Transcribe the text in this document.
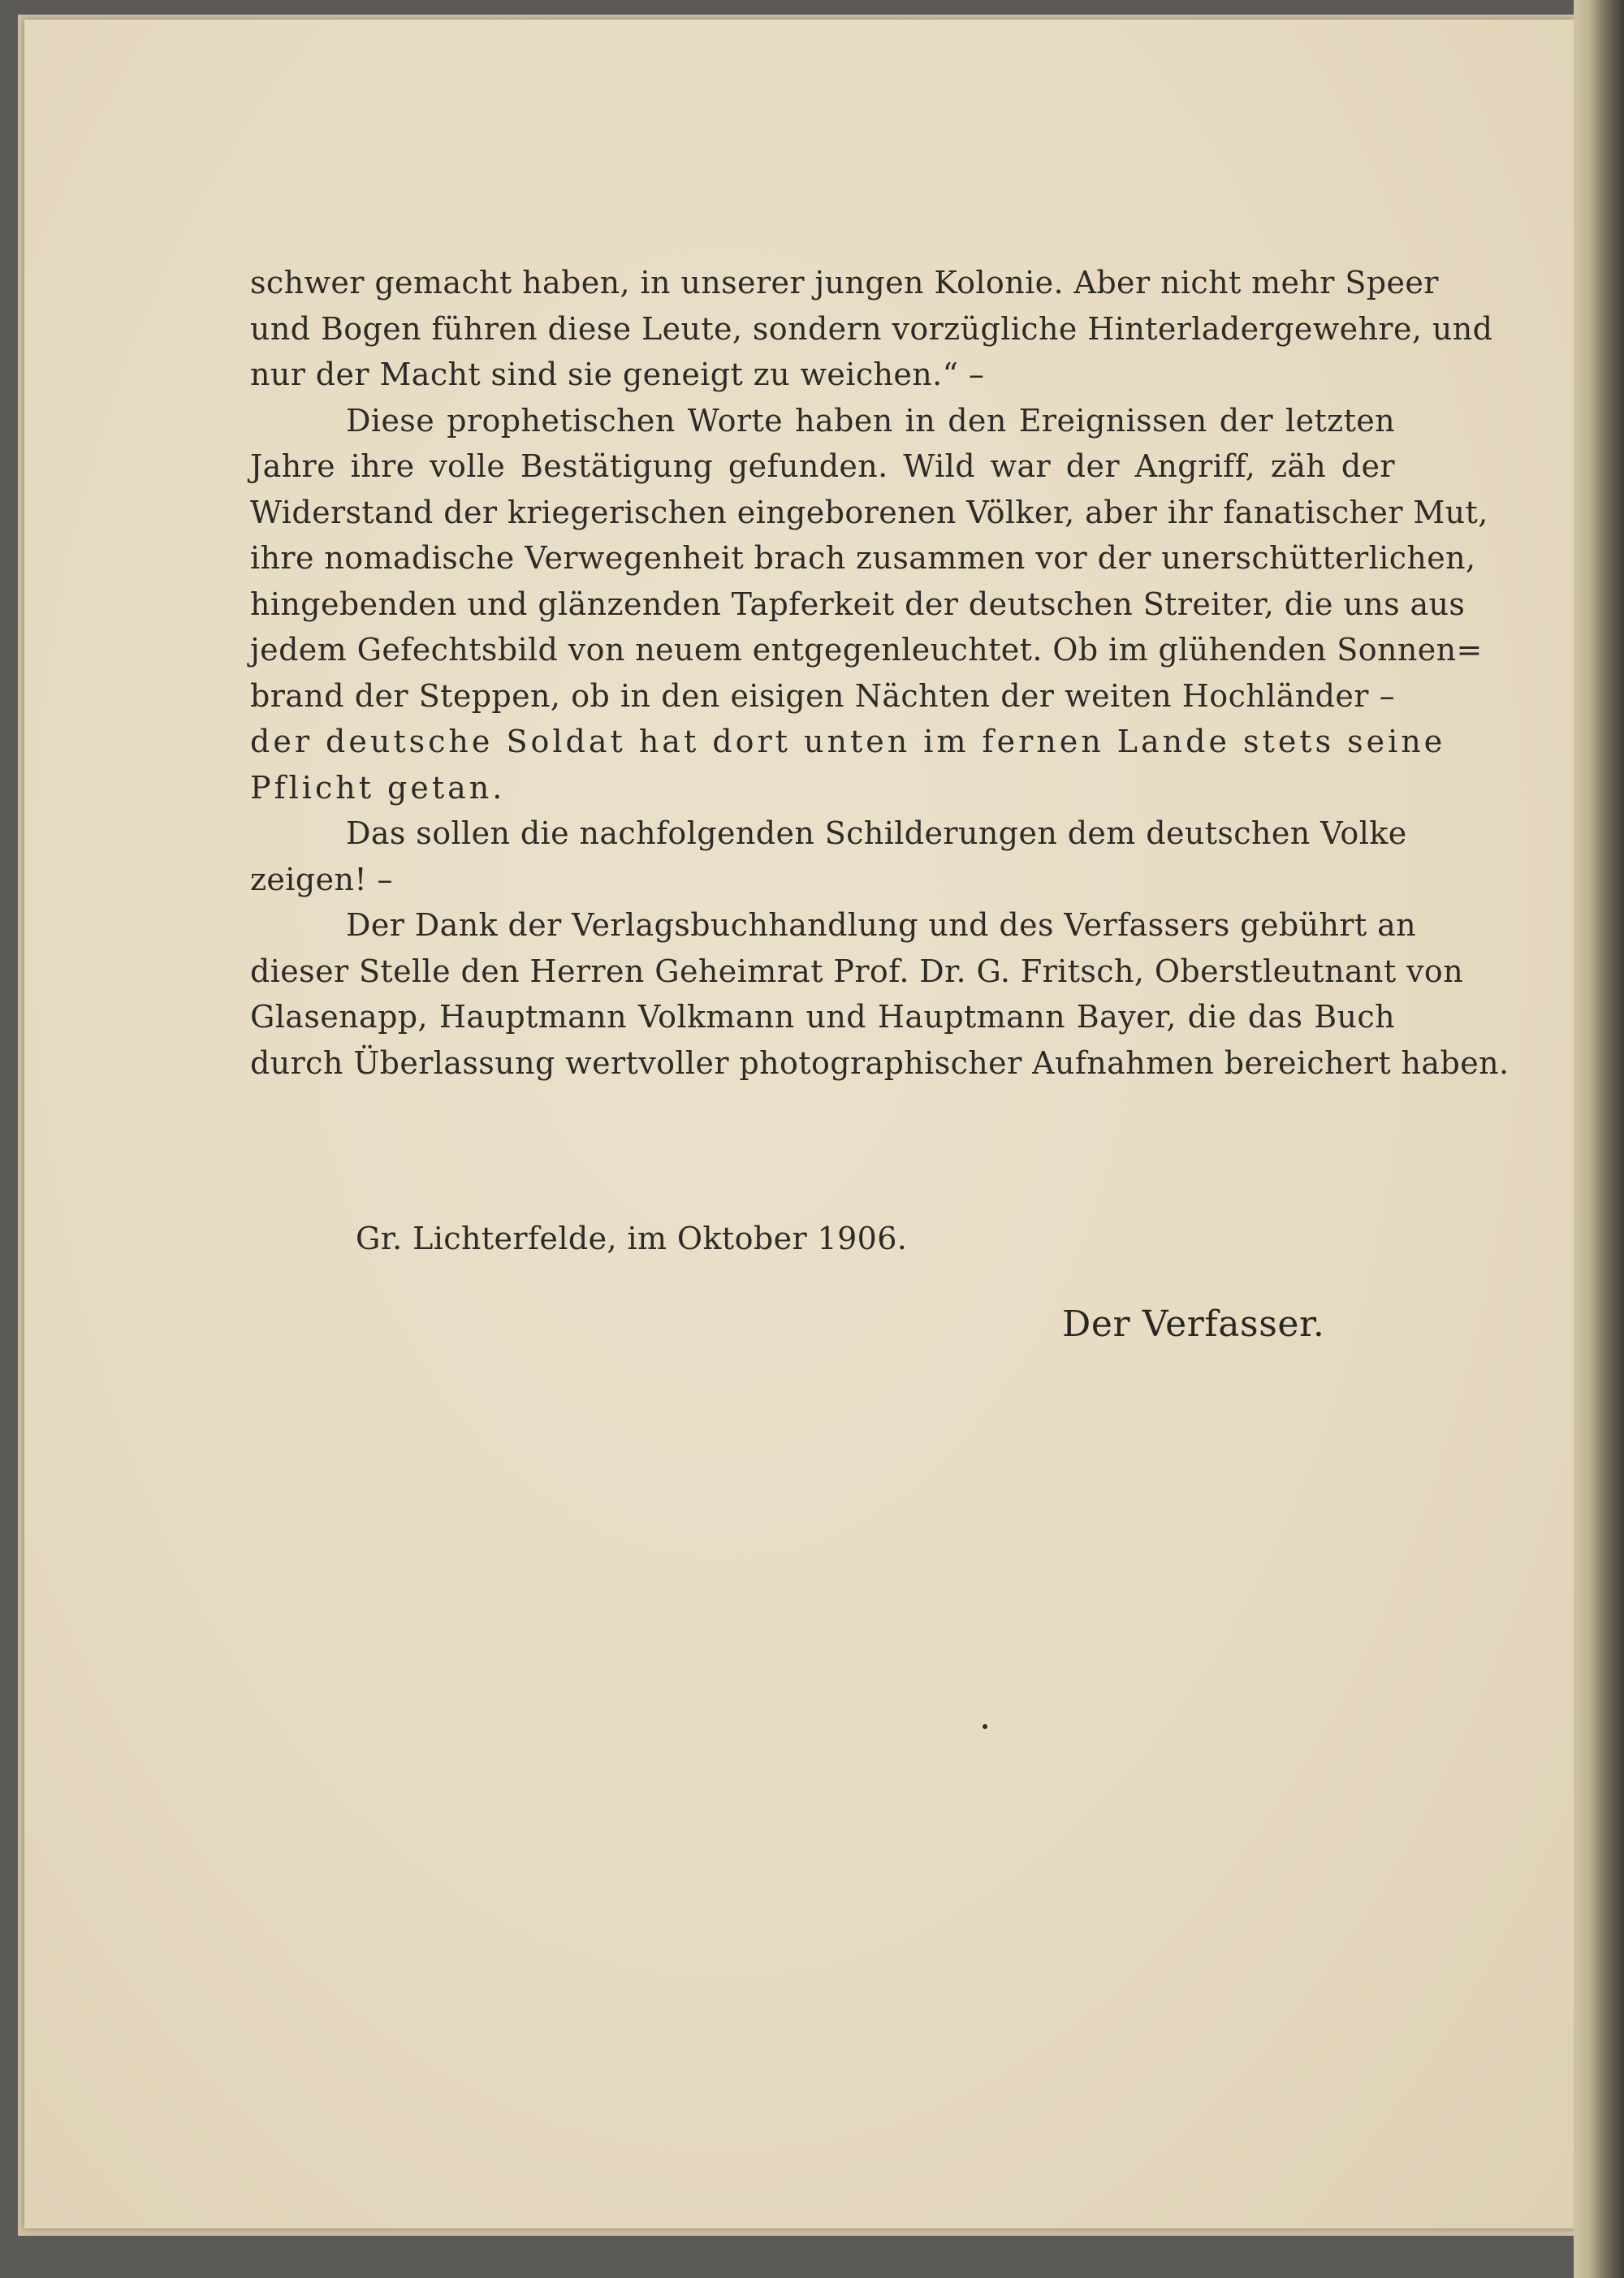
schwer gemacht haben, in unserer jungen Kolonie. Aber nicht mehr Speer
und Bogen führen diese Leute, sondern vorzügliche Hinterladergewehre, und
nur der Macht sind sie geneigt zu weichen.“ –
Diese prophetischen Worte haben in den Ereignissen der letzten
Jahre ihre volle Bestätigung gefunden. Wild war der Angriff, zäh der
Widerstand der kriegerischen eingeborenen Völker, aber ihr fanatischer Mut,
ihre nomadische Verwegenheit brach zusammen vor der unerschütterlichen,
hingebenden und glänzenden Tapferkeit der deutschen Streiter, die uns aus
jedem Gefechtsbild von neuem entgegenleuchtet. Ob im glühenden Sonnen=
brand der Steppen, ob in den eisigen Nächten der weiten Hochländer –
der deutsche Soldat hat dort unten im fernen Lande stets seine
Pflicht getan.
Das sollen die nachfolgenden Schilderungen dem deutschen Volke
zeigen! –
Der Dank der Verlagsbuchhandlung und des Verfassers gebührt an
dieser Stelle den Herren Geheimrat Prof. Dr. G. Fritsch, Oberstleutnant von
Glasenapp, Hauptmann Volkmann und Hauptmann Bayer, die das Buch
durch Überlassung wertvoller photographischer Aufnahmen bereichert haben.
Gr. Lichterfelde, im Oktober 1906.
Der Verfasser.
